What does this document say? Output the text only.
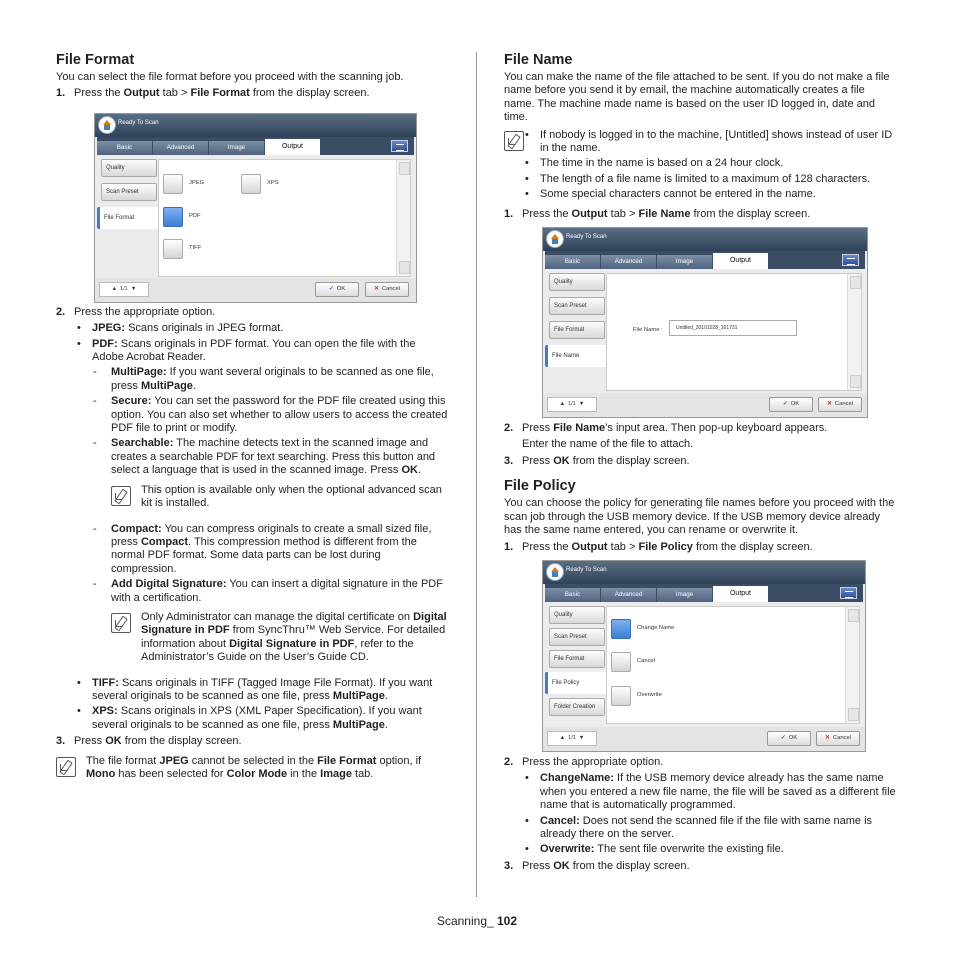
File Format

You can select the file format before you proceed with the scanning job.

1. Press the Output tab > File Format from the display screen.
Ready To Scan
Basic	Advanced	Image	Output
Quality
Scan Preset
File Format
JPEG	XPS
PDF
TIFF
▲  1/1  ▼	✓ OK	✕ Cancel
2. Press the appropriate option.
• JPEG: Scans originals in JPEG format.
• PDF: Scans originals in PDF format. You can open the file with the Adobe Acrobat Reader.
- MultiPage: If you want several originals to be scanned as one file, press MultiPage.
- Secure: You can set the password for the PDF file created using this option. You can also set whether to allow users to access the created PDF file to print or modify.
- Searchable: The machine detects text in the scanned image and creates a searchable PDF for text searching. Press this button and select a language that is used in the scanned image. Press OK.
This option is available only when the optional advanced scan kit is installed.
- Compact: You can compress originals to create a small sized file, press Compact. This compression method is different from the normal PDF format. Some data parts can be lost during compression.
- Add Digital Signature: You can insert a digital signature in the PDF with a certification.
Only Administrator can manage the digital certificate on Digital Signature in PDF from SyncThru™ Web Service. For detailed information about Digital Signature in PDF, refer to the Administrator’s Guide on the User’s Guide CD.
• TIFF: Scans originals in TIFF (Tagged Image File Format). If you want several originals to be scanned as one file, press MultiPage.
• XPS: Scans originals in XPS (XML Paper Specification). If you want several originals to be scanned as one file, press MultiPage.
3. Press OK from the display screen.
The file format JPEG cannot be selected in the File Format option, if Mono has been selected for Color Mode in the Image tab.
File Name

You can make the name of the file attached to be sent. If you do not make a file name before you send it by email, the machine automatically creates a file name. The machine made name is based on the user ID logged in, date and time.

• If nobody is logged in to the machine, [Untitled] shows instead of user ID in the name.
• The time in the name is based on a 24 hour clock.
• The length of a file name is limited to a maximum of 128 characters.
• Some special characters cannot be entered in the name.
1. Press the Output tab > File Name from the display screen.
Ready To Scan
Basic	Advanced	Image	Output
Quality
Scan Preset
File Format
File Name
File Name :	Untitled_20101028_161731
▲  1/1  ▼	✓ OK	✕ Cancel
2. Press File Name’s input area. Then pop-up keyboard appears.

Enter the name of the file to attach.

3. Press OK from the display screen.
File Policy

You can choose the policy for generating file names before you proceed with the scan job through the USB memory device. If the USB memory device already has the same name entered, you can rename or overwrite it.

1. Press the Output tab > File Policy from the display screen.
Ready To Scan
Basic	Advanced	Image	Output
Quality
Scan Preset
File Format
File Policy
Folder Creation
Change Name
Cancel
Overwrite
▲  1/1  ▼	✓ OK	✕ Cancel
2. Press the appropriate option.
• ChangeName: If the USB memory device already has the same name when you entered a new file name, the file will be saved as a different file name that is automatically programmed.
• Cancel: Does not send the scanned file if the file with same name is already there on the server.
• Overwrite: The sent file overwrite the existing file.
3. Press OK from the display screen.
Scanning_ 102
